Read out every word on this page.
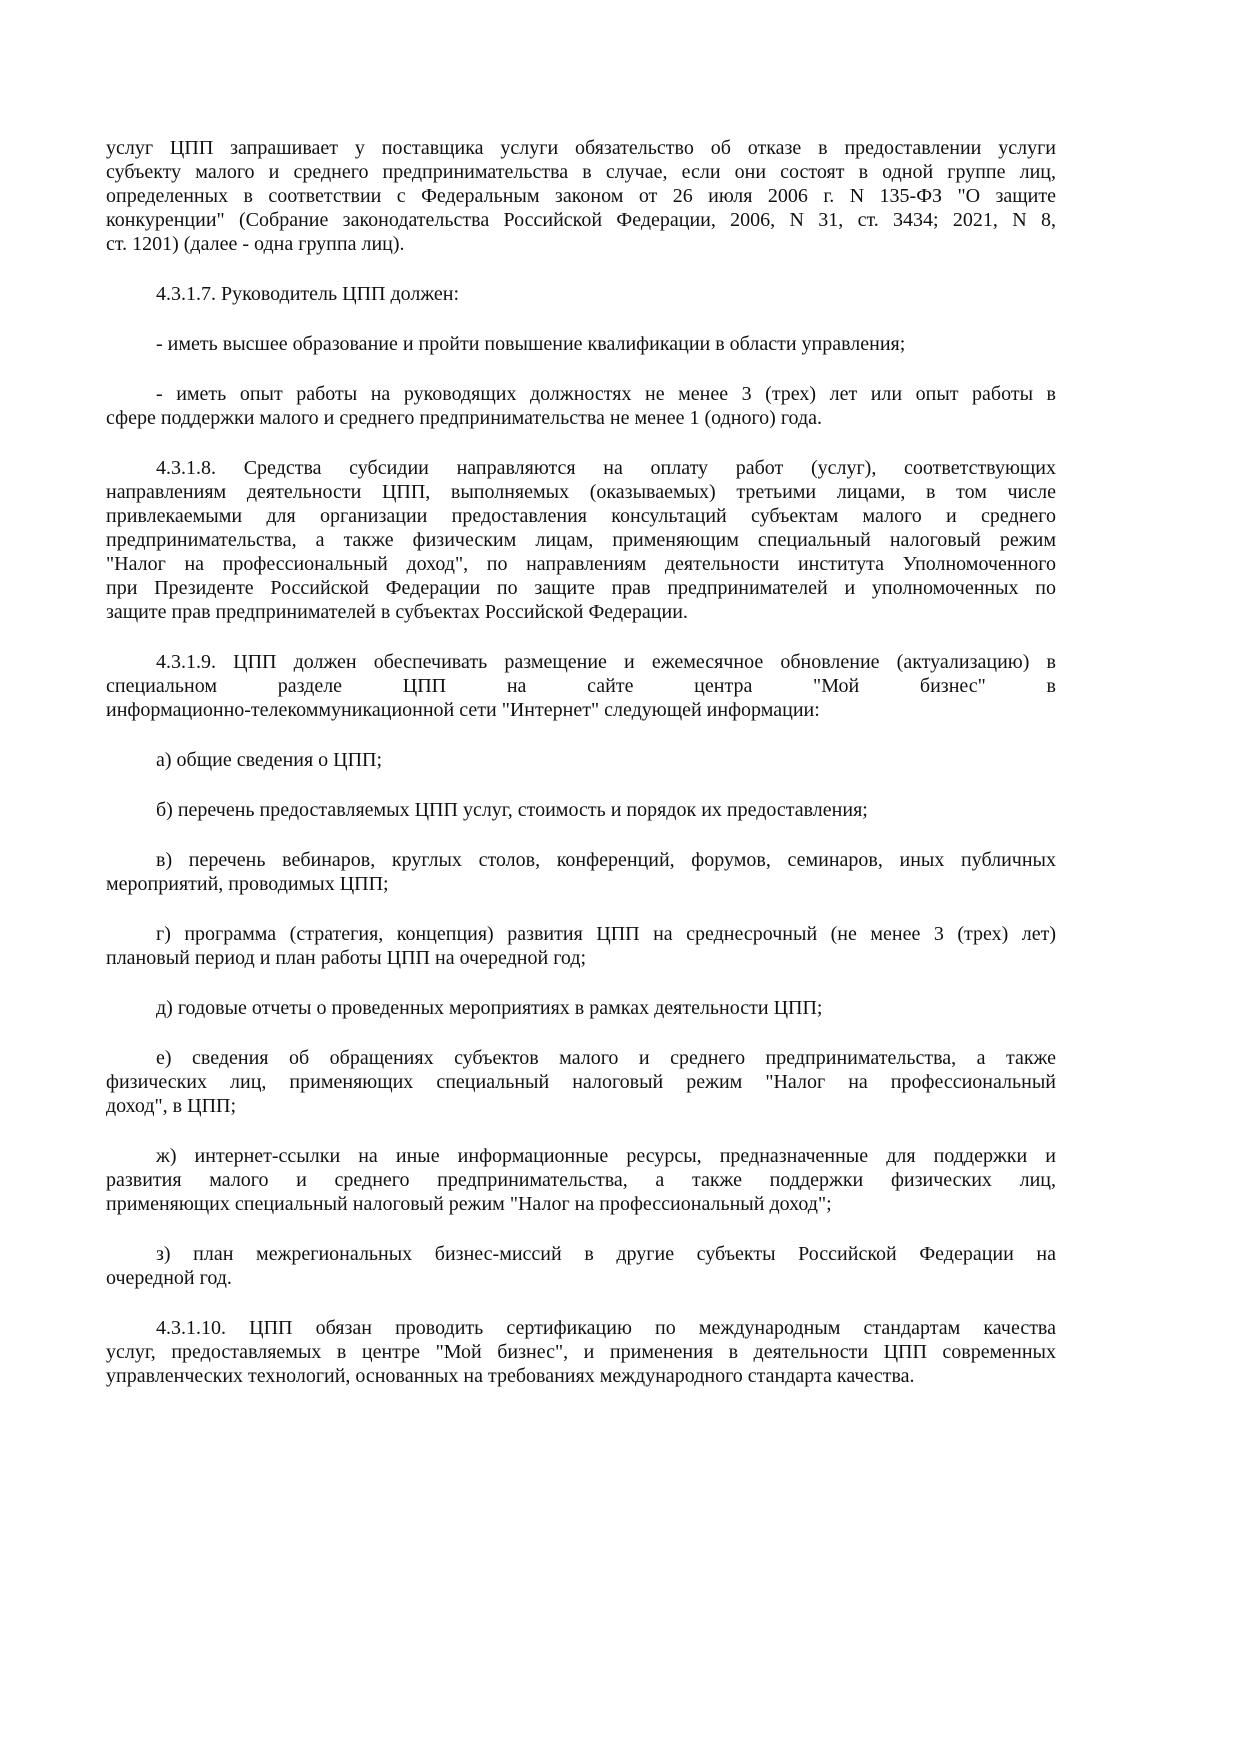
услуг ЦПП запрашивает у поставщика услуги обязательство об отказе в предоставлении услуги
субъекту малого и среднего предпринимательства в случае, если они состоят в одной группе лиц,
определенных в соответствии с Федеральным законом от 26 июля 2006 г. N 135-ФЗ "О защите
конкуренции" (Собрание законодательства Российской Федерации, 2006, N 31, ст. 3434; 2021, N 8,
ст. 1201) (далее - одна группа лиц).
4.3.1.7. Руководитель ЦПП должен:
- иметь высшее образование и пройти повышение квалификации в области управления;
- иметь опыт работы на руководящих должностях не менее 3 (трех) лет или опыт работы в
сфере поддержки малого и среднего предпринимательства не менее 1 (одного) года.
4.3.1.8. Средства субсидии направляются на оплату работ (услуг), соответствующих
направлениям деятельности ЦПП, выполняемых (оказываемых) третьими лицами, в том числе
привлекаемыми для организации предоставления консультаций субъектам малого и среднего
предпринимательства, а также физическим лицам, применяющим специальный налоговый режим
"Налог на профессиональный доход", по направлениям деятельности института Уполномоченного
при Президенте Российской Федерации по защите прав предпринимателей и уполномоченных по
защите прав предпринимателей в субъектах Российской Федерации.
4.3.1.9. ЦПП должен обеспечивать размещение и ежемесячное обновление (актуализацию) в
специальном разделе ЦПП на сайте центра "Мой бизнес" в
информационно-телекоммуникационной сети "Интернет" следующей информации:
а) общие сведения о ЦПП;
б) перечень предоставляемых ЦПП услуг, стоимость и порядок их предоставления;
в) перечень вебинаров, круглых столов, конференций, форумов, семинаров, иных публичных
мероприятий, проводимых ЦПП;
г) программа (стратегия, концепция) развития ЦПП на среднесрочный (не менее 3 (трех) лет)
плановый период и план работы ЦПП на очередной год;
д) годовые отчеты о проведенных мероприятиях в рамках деятельности ЦПП;
е) сведения об обращениях субъектов малого и среднего предпринимательства, а также
физических лиц, применяющих специальный налоговый режим "Налог на профессиональный
доход", в ЦПП;
ж) интернет-ссылки на иные информационные ресурсы, предназначенные для поддержки и
развития малого и среднего предпринимательства, а также поддержки физических лиц,
применяющих специальный налоговый режим "Налог на профессиональный доход";
з) план межрегиональных бизнес-миссий в другие субъекты Российской Федерации на
очередной год.
4.3.1.10. ЦПП обязан проводить сертификацию по международным стандартам качества
услуг, предоставляемых в центре "Мой бизнес", и применения в деятельности ЦПП современных
управленческих технологий, основанных на требованиях международного стандарта качества.
